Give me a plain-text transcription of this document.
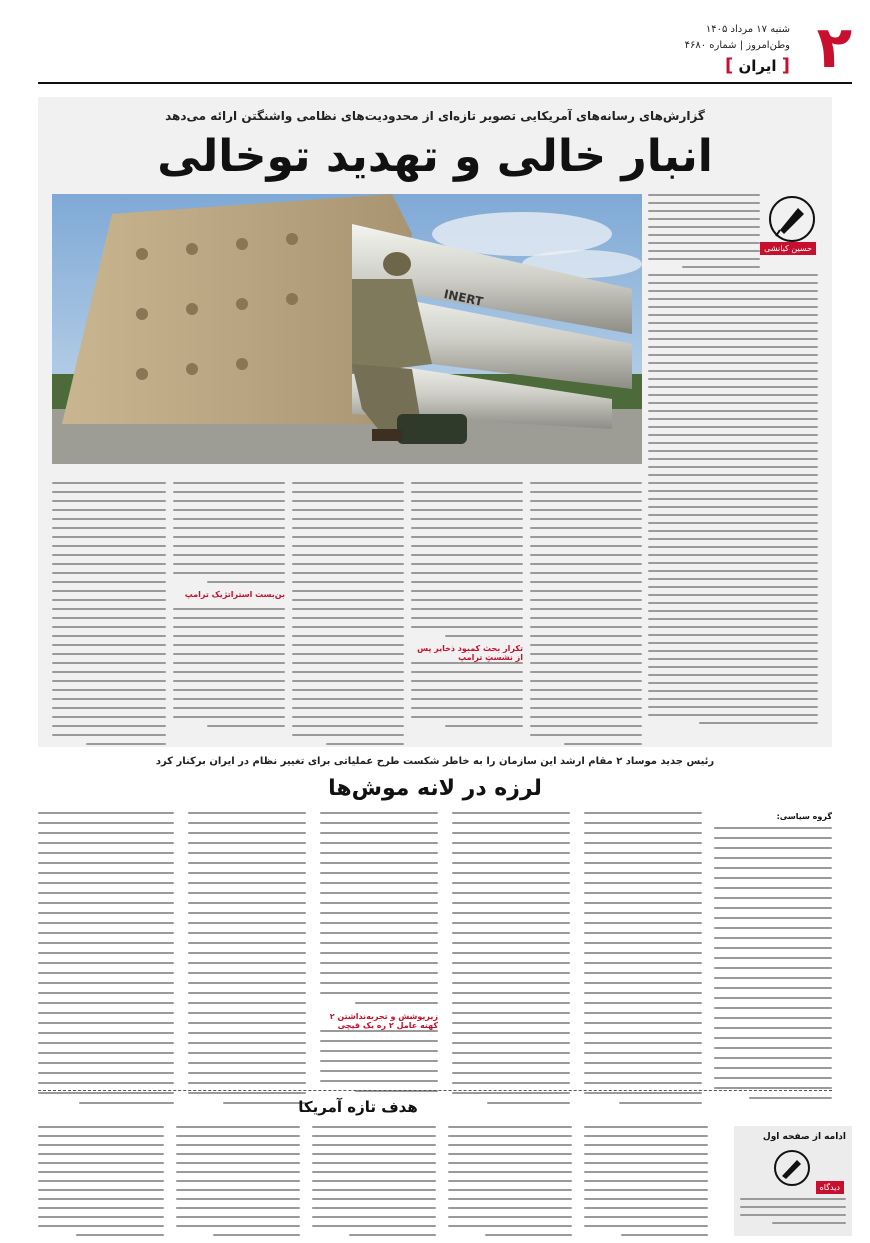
۲
شنبه ۱۷ مرداد ۱۴۰۵
وطن‌امروز | شماره ۴۶۸۰
[ ایران ]
گزارش‌های رسانه‌های آمریکایی تصویر تازه‌ای از محدودیت‌های نظامی واشنگتن ارائه می‌دهد
انبار خالی و تهدید توخالی
INERT
حسین کیانشی
تکرار بحث کمبود ذخایر پس از نشستِ ترامپ
بن‌بست استراتژیک ترامپ
رئیس جدید موساد ۲ مقام ارشد این سازمان را به خاطر شکست طرح عملیاتی برای تغییر نظام در ایران برکنار کرد
لرزه در لانه موش‌ها
گروه سیاسی:
زیرپوشش و تجربه‌نداشتن ۲ کهنه عامل ۲ ره یک قیچی
هدف تازه آمریکا
ادامه از صفحه اول
دیدگاه
